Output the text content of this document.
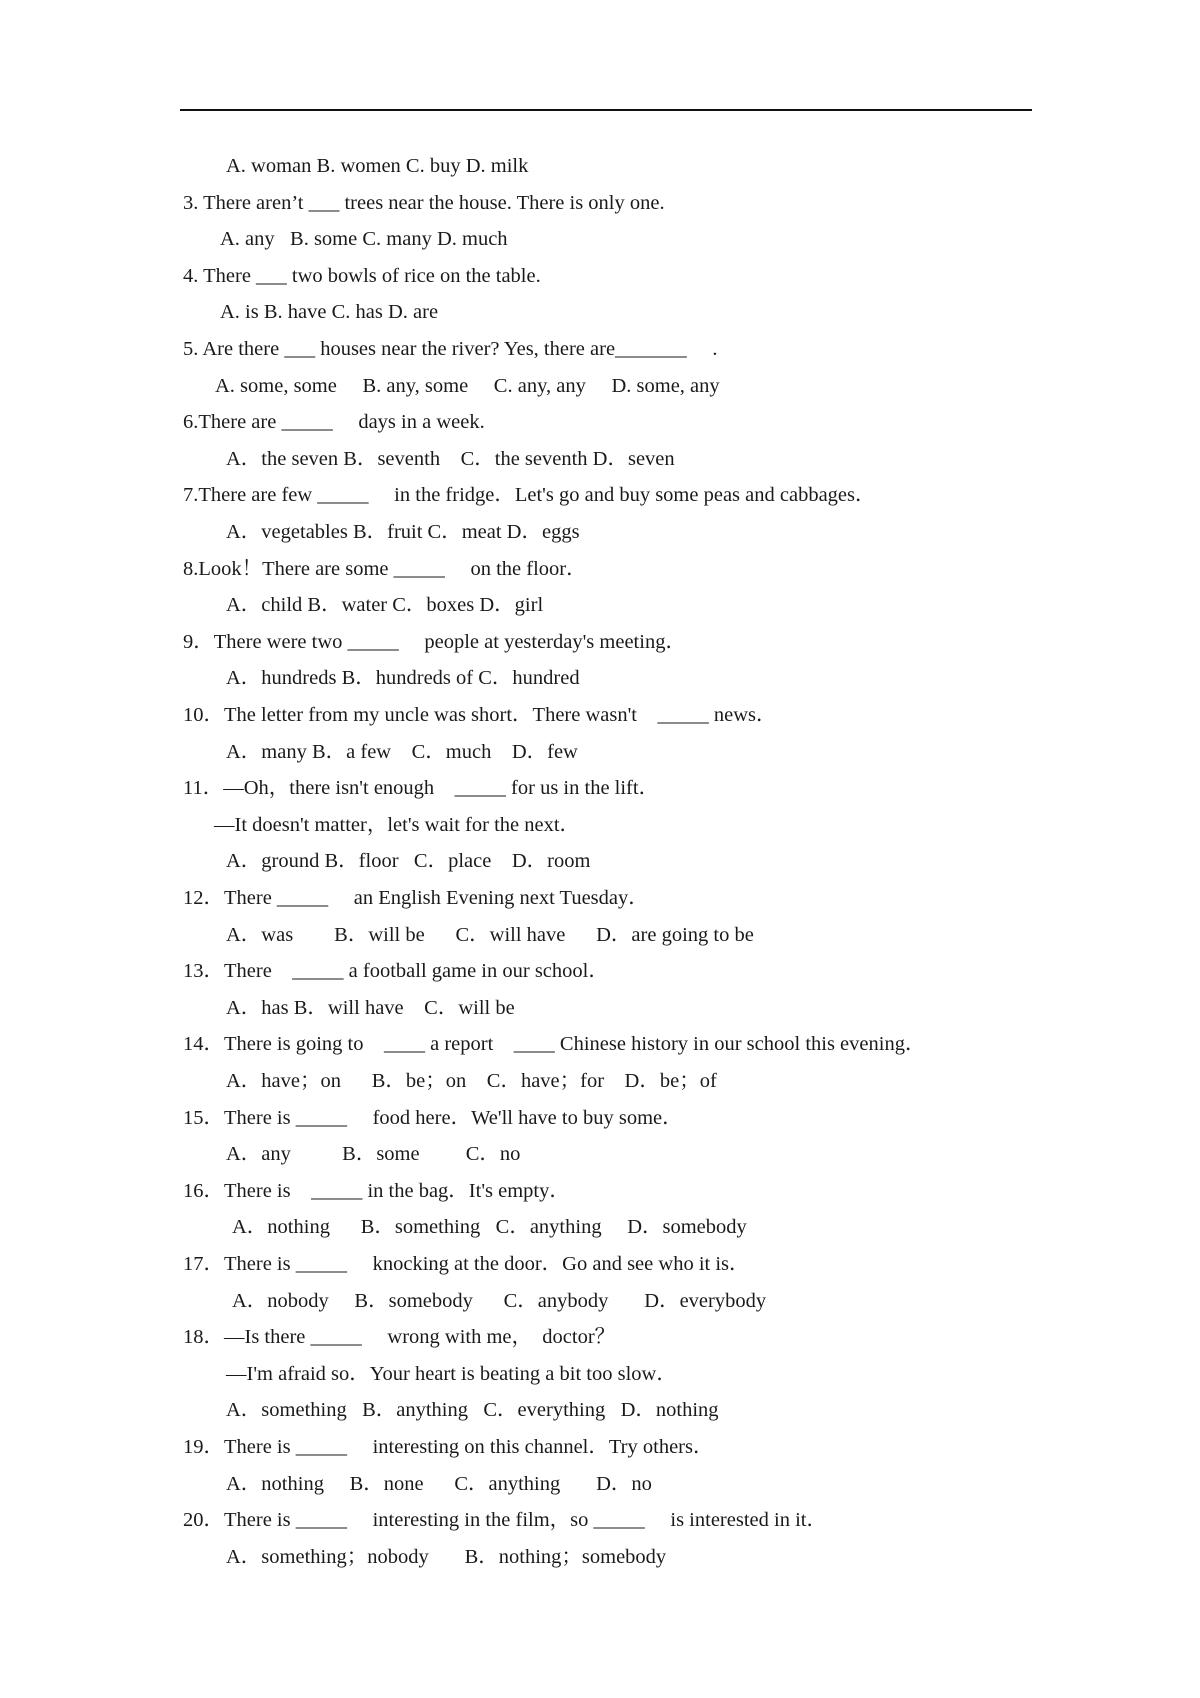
A. woman B. women C. buy D. milk
3. There aren’t ___ trees near the house. There is only one.
A. any   B. some C. many D. much
4. There ___ two bowls of rice on the table.
A. is B. have C. has D. are
5. Are there ___ houses near the river? Yes, there are_______     .
A. some, some     B. any, some     C. any, any     D. some, any
6.There are _____     days in a week.
A．the seven B．seventh    C．the seventh D．seven
7.There are few _____     in the fridge．Let's go and buy some peas and cabbages．
A．vegetables B．fruit C．meat D．eggs
8.Look！There are some _____     on the floor．
A．child B．water C．boxes D．girl
9．There were two _____     people at yesterday's meeting．
A．hundreds B．hundreds of C．hundred
10．The letter from my uncle was short．There wasn't    _____ news．
A．many B．a few    C．much    D．few
11．—Oh，there isn't enough    _____ for us in the lift．
—It doesn't matter，let's wait for the next．
A．ground B．floor   C．place    D．room
12．There _____     an English Evening next Tuesday．
A．was        B．will be      C．will have      D．are going to be
13．There    _____ a football game in our school．
A．has B．will have    C．will be
14．There is going to    ____ a report    ____ Chinese history in our school this evening．
A．have；on      B．be；on    C．have；for    D．be；of
15．There is _____     food here．We'll have to buy some．
A．any          B．some         C．no
16．There is    _____ in the bag．It's empty．
A．nothing      B．something   C．anything     D．somebody
17．There is _____     knocking at the door．Go and see who it is．
A．nobody     B．somebody      C．anybody       D．everybody
18．—Is there _____     wrong with me，  doctor？
—I'm afraid so．Your heart is beating a bit too slow．
A．something   B．anything   C．everything   D．nothing
19．There is _____     interesting on this channel．Try others．
A．nothing     B．none      C．anything       D．no
20．There is _____     interesting in the film，so _____     is interested in it．
A．something；nobody       B．nothing；somebody
